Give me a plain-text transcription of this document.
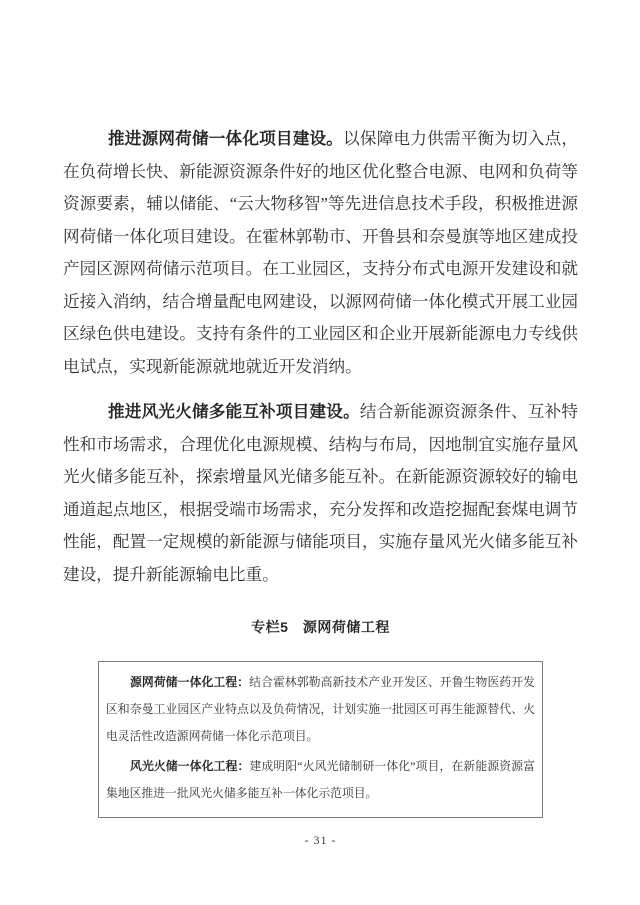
推进源网荷储一体化项目建设。以保障电力供需平衡为切入点，在负荷增长快、新能源资源条件好的地区优化整合电源、电网和负荷等资源要素，辅以储能、“云大物移智”等先进信息技术手段，积极推进源网荷储一体化项目建设。在霍林郭勒市、开鲁县和奈曼旗等地区建成投产园区源网荷储示范项目。在工业园区，支持分布式电源开发建设和就近接入消纳，结合增量配电网建设，以源网荷储一体化模式开展工业园区绿色供电建设。支持有条件的工业园区和企业开展新能源电力专线供电试点，实现新能源就地就近开发消纳。

推进风光火储多能互补项目建设。结合新能源资源条件、互补特性和市场需求，合理优化电源规模、结构与布局，因地制宜实施存量风光火储多能互补，探索增量风光储多能互补。在新能源资源较好的输电通道起点地区，根据受端市场需求，充分发挥和改造挖掘配套煤电调节性能，配置一定规模的新能源与储能项目，实施存量风光火储多能互补建设，提升新能源输电比重。

专栏5　源网荷储工程

源网荷储一体化工程：结合霍林郭勒高新技术产业开发区、开鲁生物医药开发区和奈曼工业园区产业特点以及负荷情况，计划实施一批园区可再生能源替代、火电灵活性改造源网荷储一体化示范项目。

风光火储一体化工程：建成明阳“火风光储制研一体化”项目，在新能源资源富集地区推进一批风光火储多能互补一体化示范项目。

- 31 -
